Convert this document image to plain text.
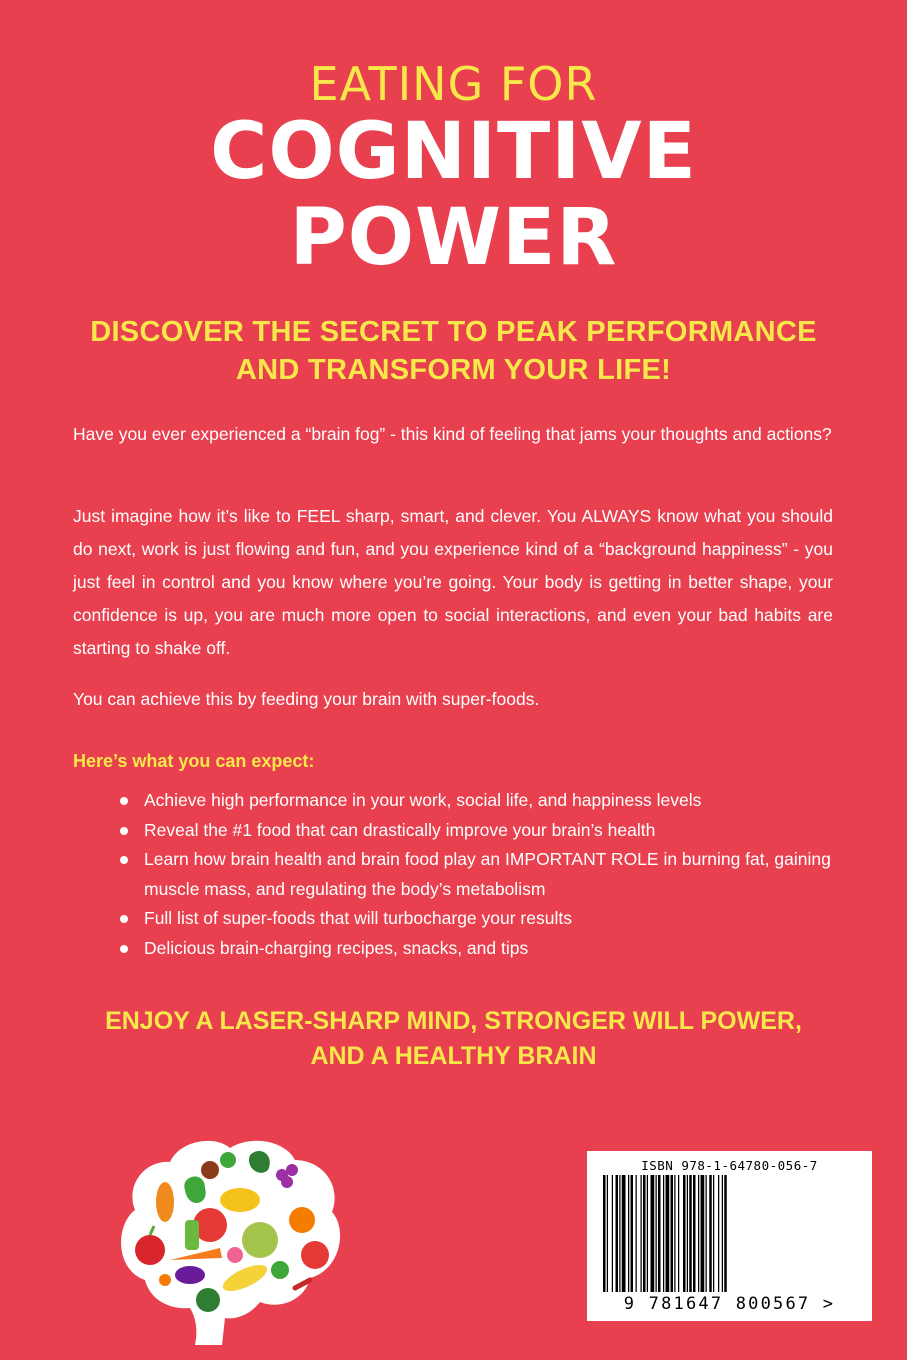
EATING FOR
COGNITIVE
POWER
DISCOVER THE SECRET TO PEAK PERFORMANCE
AND TRANSFORM YOUR LIFE!
Have you ever experienced a “brain fog” - this kind of feeling that jams your thoughts and actions?
Just imagine how it’s like to FEEL sharp, smart, and clever. You ALWAYS know what you should do next, work is just flowing and fun, and you experience kind of a “background happiness” - you just feel in control and you know where you’re going. Your body is getting in better shape, your confidence is up, you are much more open to social interactions, and even your bad habits are starting to shake off.
You can achieve this by feeding your brain with super-foods.
Here’s what you can expect:
Achieve high performance in your work, social life, and happiness levels
Reveal the #1 food that can drastically improve your brain’s health
Learn how brain health and brain food play an IMPORTANT ROLE in burning fat, gaining muscle mass, and regulating the body’s metabolism
Full list of super-foods that will turbocharge your results
Delicious brain-charging recipes, snacks, and tips
ENJOY A LASER-SHARP MIND, STRONGER WILL POWER,
AND A HEALTHY BRAIN
ISBN 978-1-64780-056-7
9 781647 800567 >
